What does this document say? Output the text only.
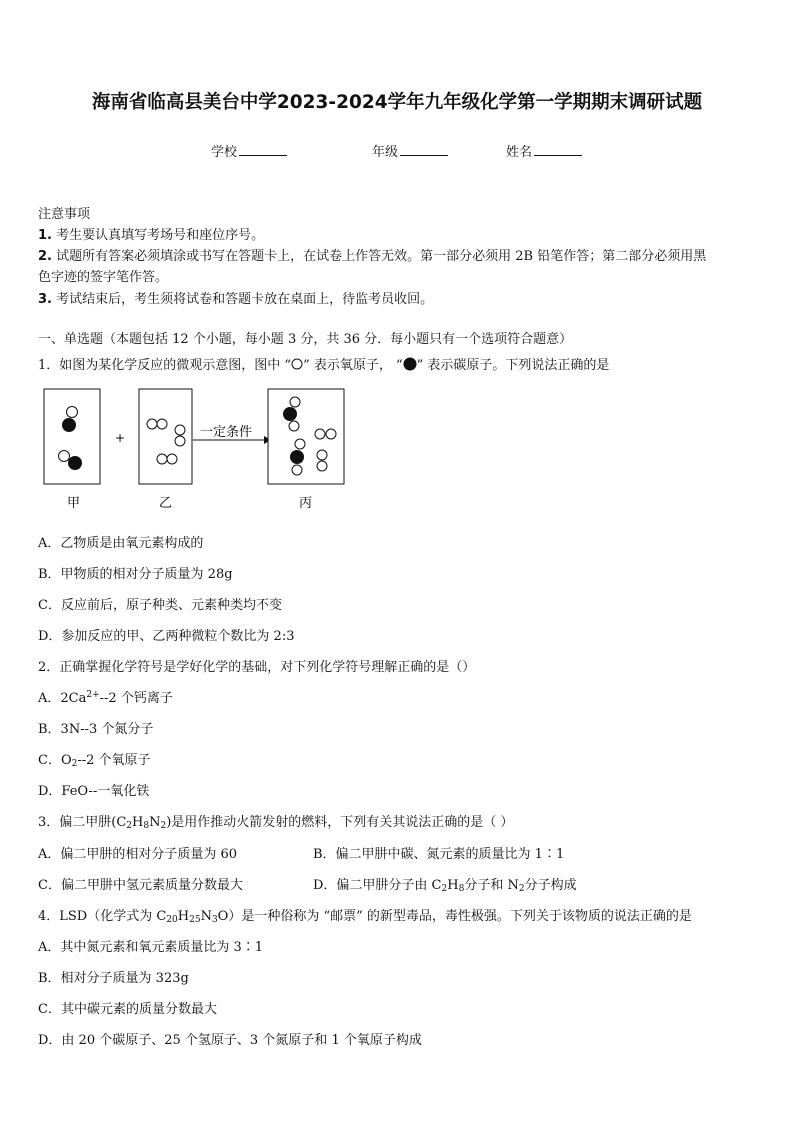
海南省临高县美台中学2023-2024学年九年级化学第一学期期末调研试题
学校	年级	姓名
注意事项
1. 考生要认真填写考场号和座位序号。
2. 试题所有答案必须填涂或书写在答题卡上，在试卷上作答无效。第一部分必须用 2B 铅笔作答；第二部分必须用黑
色字迹的签字笔作答。
3. 考试结束后，考生须将试卷和答题卡放在桌面上，待监考员收回。
一、单选题（本题包括 12 个小题，每小题 3 分，共 36 分．每小题只有一个选项符合题意）
1．如图为某化学反应的微观示意图，图中 “ ” 表示氧原子， “ ” 表示碳原子。下列说法正确的是
+	一定条件
甲	乙	丙
A．乙物质是由氧元素构成的
B．甲物质的相对分子质量为 28g
C．反应前后，原子种类、元素种类均不变
D．参加反应的甲、乙两种微粒个数比为 2:3
2．正确掌握化学符号是学好化学的基础，对下列化学符号理解正确的是（）
A．$2Ca^{2+}--2$ 个钙离子
B．3N--3 个氮分子
C．$O_2--2$ 个氧原子
D．FeO--一氧化铁
3．偏二甲肼$(C_2H_8N_2)$是用作推动火箭发射的燃料，下列有关其说法正确的是（ ）
A．偏二甲肼的相对分子质量为 60	B．偏二甲肼中碳、氮元素的质量比为 1∶1
C．偏二甲肼中氢元素质量分数最大	D．偏二甲肼分子由 $C_2H_8$分子和 $N_2$分子构成
4．LSD（化学式为 $C_{20}H_{25}N_3O$）是一种俗称为 “邮票” 的新型毒品，毒性极强。下列关于该物质的说法正确的是
A．其中氮元素和氧元素质量比为 3∶1
B．相对分子质量为 323g
C．其中碳元素的质量分数最大
D．由 20 个碳原子、25 个氢原子、3 个氮原子和 1 个氧原子构成
